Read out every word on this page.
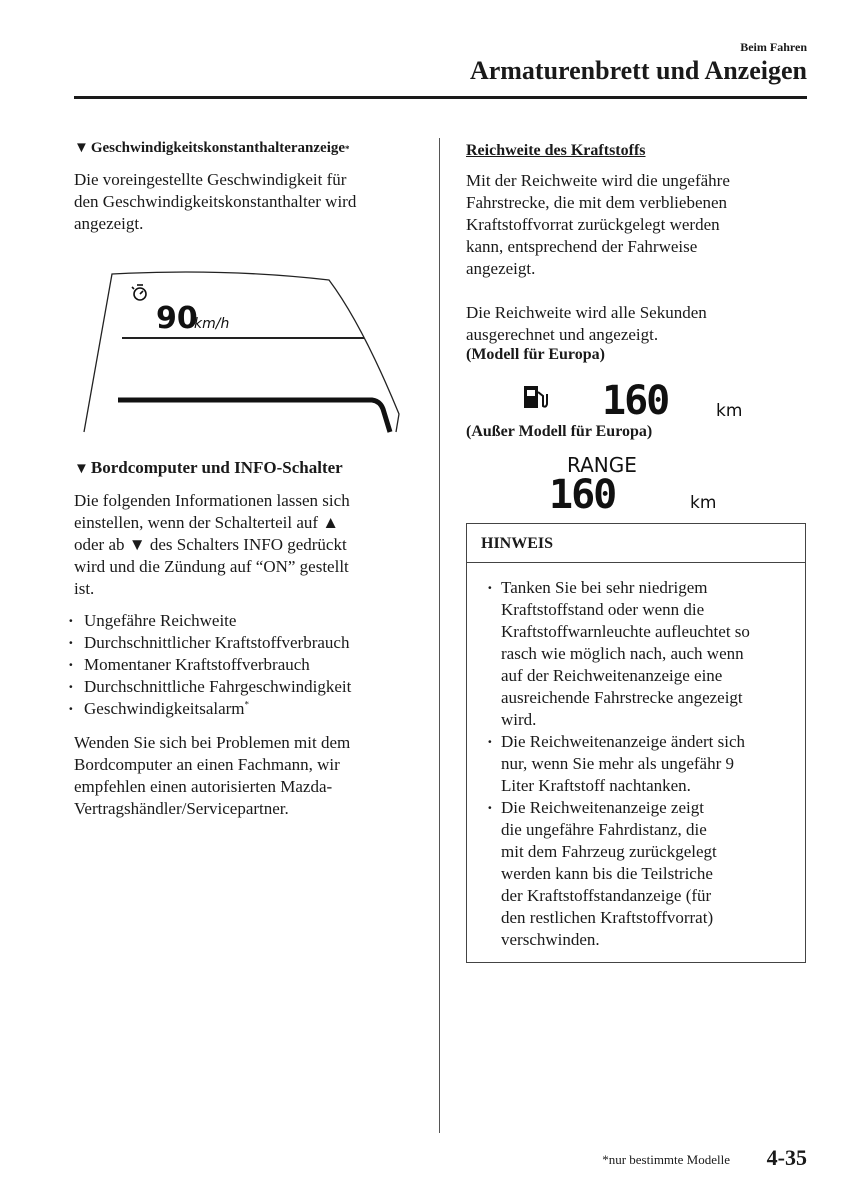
Beim Fahren
Armaturenbrett und Anzeigen
▼ Geschwindigkeitskonstanthalteranzeige *

Die voreingestellte Geschwindigkeit für
den Geschwindigkeitskonstanthalter wird
angezeigt.

90
km/h
▼ Bordcomputer und INFO-Schalter

Die folgenden Informationen lassen sich
einstellen, wenn der Schalterteil auf ▲
oder ab ▼ des Schalters INFO gedrückt
wird und die Zündung auf “ON” gestellt
ist.

· Ungefähre Reichweite
· Durchschnittlicher Kraftstoffverbrauch
· Momentaner Kraftstoffverbrauch
· Durchschnittliche Fahrgeschwindigkeit
· Geschwindigkeitsalarm*

Wenden Sie sich bei Problemen mit dem
Bordcomputer an einen Fachmann, wir
empfehlen einen autorisierten Mazda-
Vertragshändler/Servicepartner.

Reichweite des Kraftstoffs

Mit der Reichweite wird die ungefähre
Fahrstrecke, die mit dem verbliebenen
Kraftstoffvorrat zurückgelegt werden
kann, entsprechend der Fahrweise
angezeigt.

Die Reichweite wird alle Sekunden
ausgerechnet und angezeigt.

(Modell für Europa)
160	km
(Außer Modell für Europa)
RANGE
160	km
HINWEIS
· Tanken Sie bei sehr niedrigem
Kraftstoffstand oder wenn die
Kraftstoffwarnleuchte aufleuchtet so
rasch wie möglich nach, auch wenn
auf der Reichweitenanzeige eine
ausreichende Fahrstrecke angezeigt
wird.
· Die Reichweitenanzeige ändert sich
nur, wenn Sie mehr als ungefähr 9
Liter Kraftstoff nachtanken.
· Die Reichweitenanzeige zeigt
die ungefähre Fahrdistanz, die
mit dem Fahrzeug zurückgelegt
werden kann bis die Teilstriche
der Kraftstoffstandanzeige (für
den restlichen Kraftstoffvorrat)
verschwinden.
*nur bestimmte Modelle 4-35
